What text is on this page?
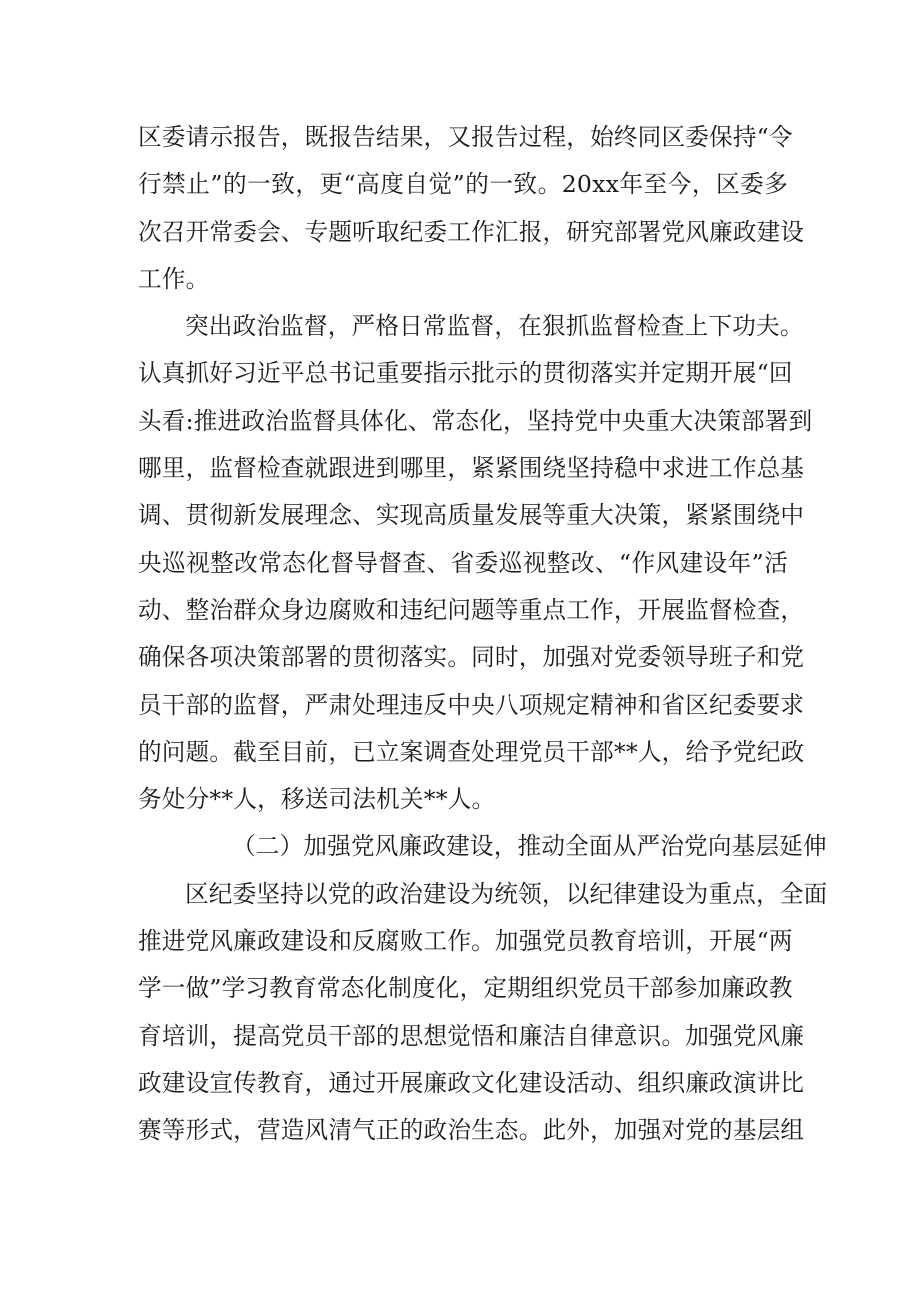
区委请示报告，既报告结果，又报告过程，始终同区委保持“令
行禁止”的一致，更“高度自觉”的一致。20xx年至今，区委多
次召开常委会、专题听取纪委工作汇报，研究部署党风廉政建设
工作。
突出政治监督，严格日常监督，在狠抓监督检查上下功夫。
认真抓好习近平总书记重要指示批示的贯彻落实并定期开展“回
头看:推进政治监督具体化、常态化，坚持党中央重大决策部署到
哪里，监督检查就跟进到哪里，紧紧围绕坚持稳中求进工作总基
调、贯彻新发展理念、实现高质量发展等重大决策，紧紧围绕中
央巡视整改常态化督导督查、省委巡视整改、“作风建设年”活
动、整治群众身边腐败和违纪问题等重点工作，开展监督检查，
确保各项决策部署的贯彻落实。同时，加强对党委领导班子和党
员干部的监督，严肃处理违反中央八项规定精神和省区纪委要求
的问题。截至目前，已立案调查处理党员干部**人，给予党纪政
务处分**人，移送司法机关**人。
（二）加强党风廉政建设，推动全面从严治党向基层延伸
区纪委坚持以党的政治建设为统领，以纪律建设为重点，全面
推进党风廉政建设和反腐败工作。加强党员教育培训，开展“两
学一做”学习教育常态化制度化，定期组织党员干部参加廉政教
育培训，提高党员干部的思想觉悟和廉洁自律意识。加强党风廉
政建设宣传教育，通过开展廉政文化建设活动、组织廉政演讲比
赛等形式，营造风清气正的政治生态。此外，加强对党的基层组
